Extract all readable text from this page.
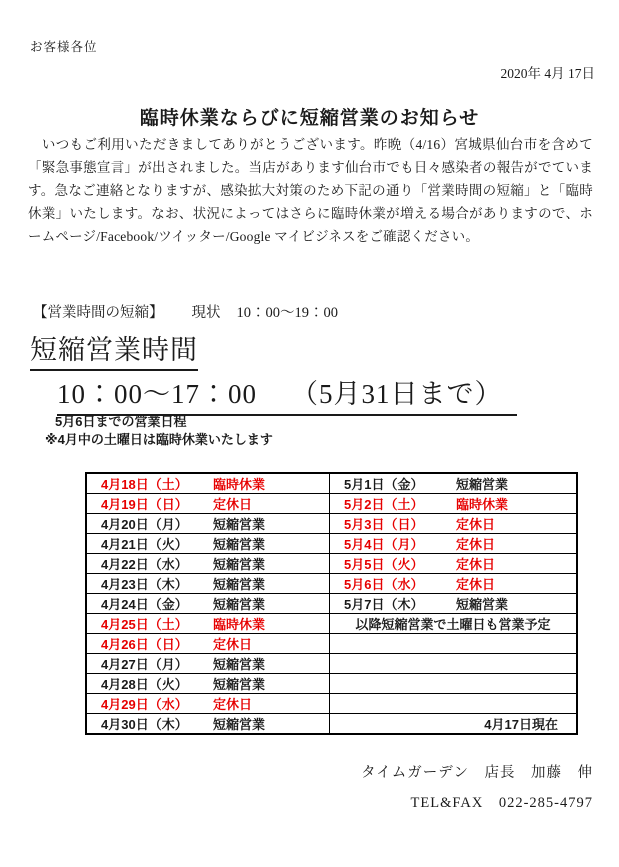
お客様各位
2020年 4月 17日
臨時休業ならびに短縮営業のお知らせ
　いつもご利用いただきましてありがとうございます。昨晩（4/16）宮城県仙台市を含めて「緊急事態宣言」が出されました。当店があります仙台市でも日々感染者の報告がでています。急なご連絡となりますが、感染拡大対策のため下記の通り「営業時間の短縮」と「臨時休業」いたします。なお、状況によってはさらに臨時休業が増える場合がありますので、ホームページ/Facebook/ツイッター/Google マイビジネスをご確認ください。
【営業時間の短縮】 現状 10：00～19：00
短縮営業時間
10：00～17：00 （5月31日まで）
5月6日までの営業日程
※4月中の土曜日は臨時休業いたします
4月18日（土） 臨時休業	5月1日（金） 短縮営業
4月19日（日） 定休日	5月2日（土） 臨時休業
4月20日（月） 短縮営業	5月3日（日） 定休日
4月21日（火） 短縮営業	5月4日（月） 定休日
4月22日（水） 短縮営業	5月5日（火） 定休日
4月23日（木） 短縮営業	5月6日（水） 定休日
4月24日（金） 短縮営業	5月7日（木） 短縮営業
4月25日（土） 臨時休業	以降短縮営業で土曜日も営業予定
4月26日（日） 定休日	
4月27日（月） 短縮営業	
4月28日（火） 短縮営業	
4月29日（水） 定休日	
4月30日（木） 短縮営業	4月17日現在
タイムガーデン　店長　加藤　伸
TEL&FAX　022-285-4797
